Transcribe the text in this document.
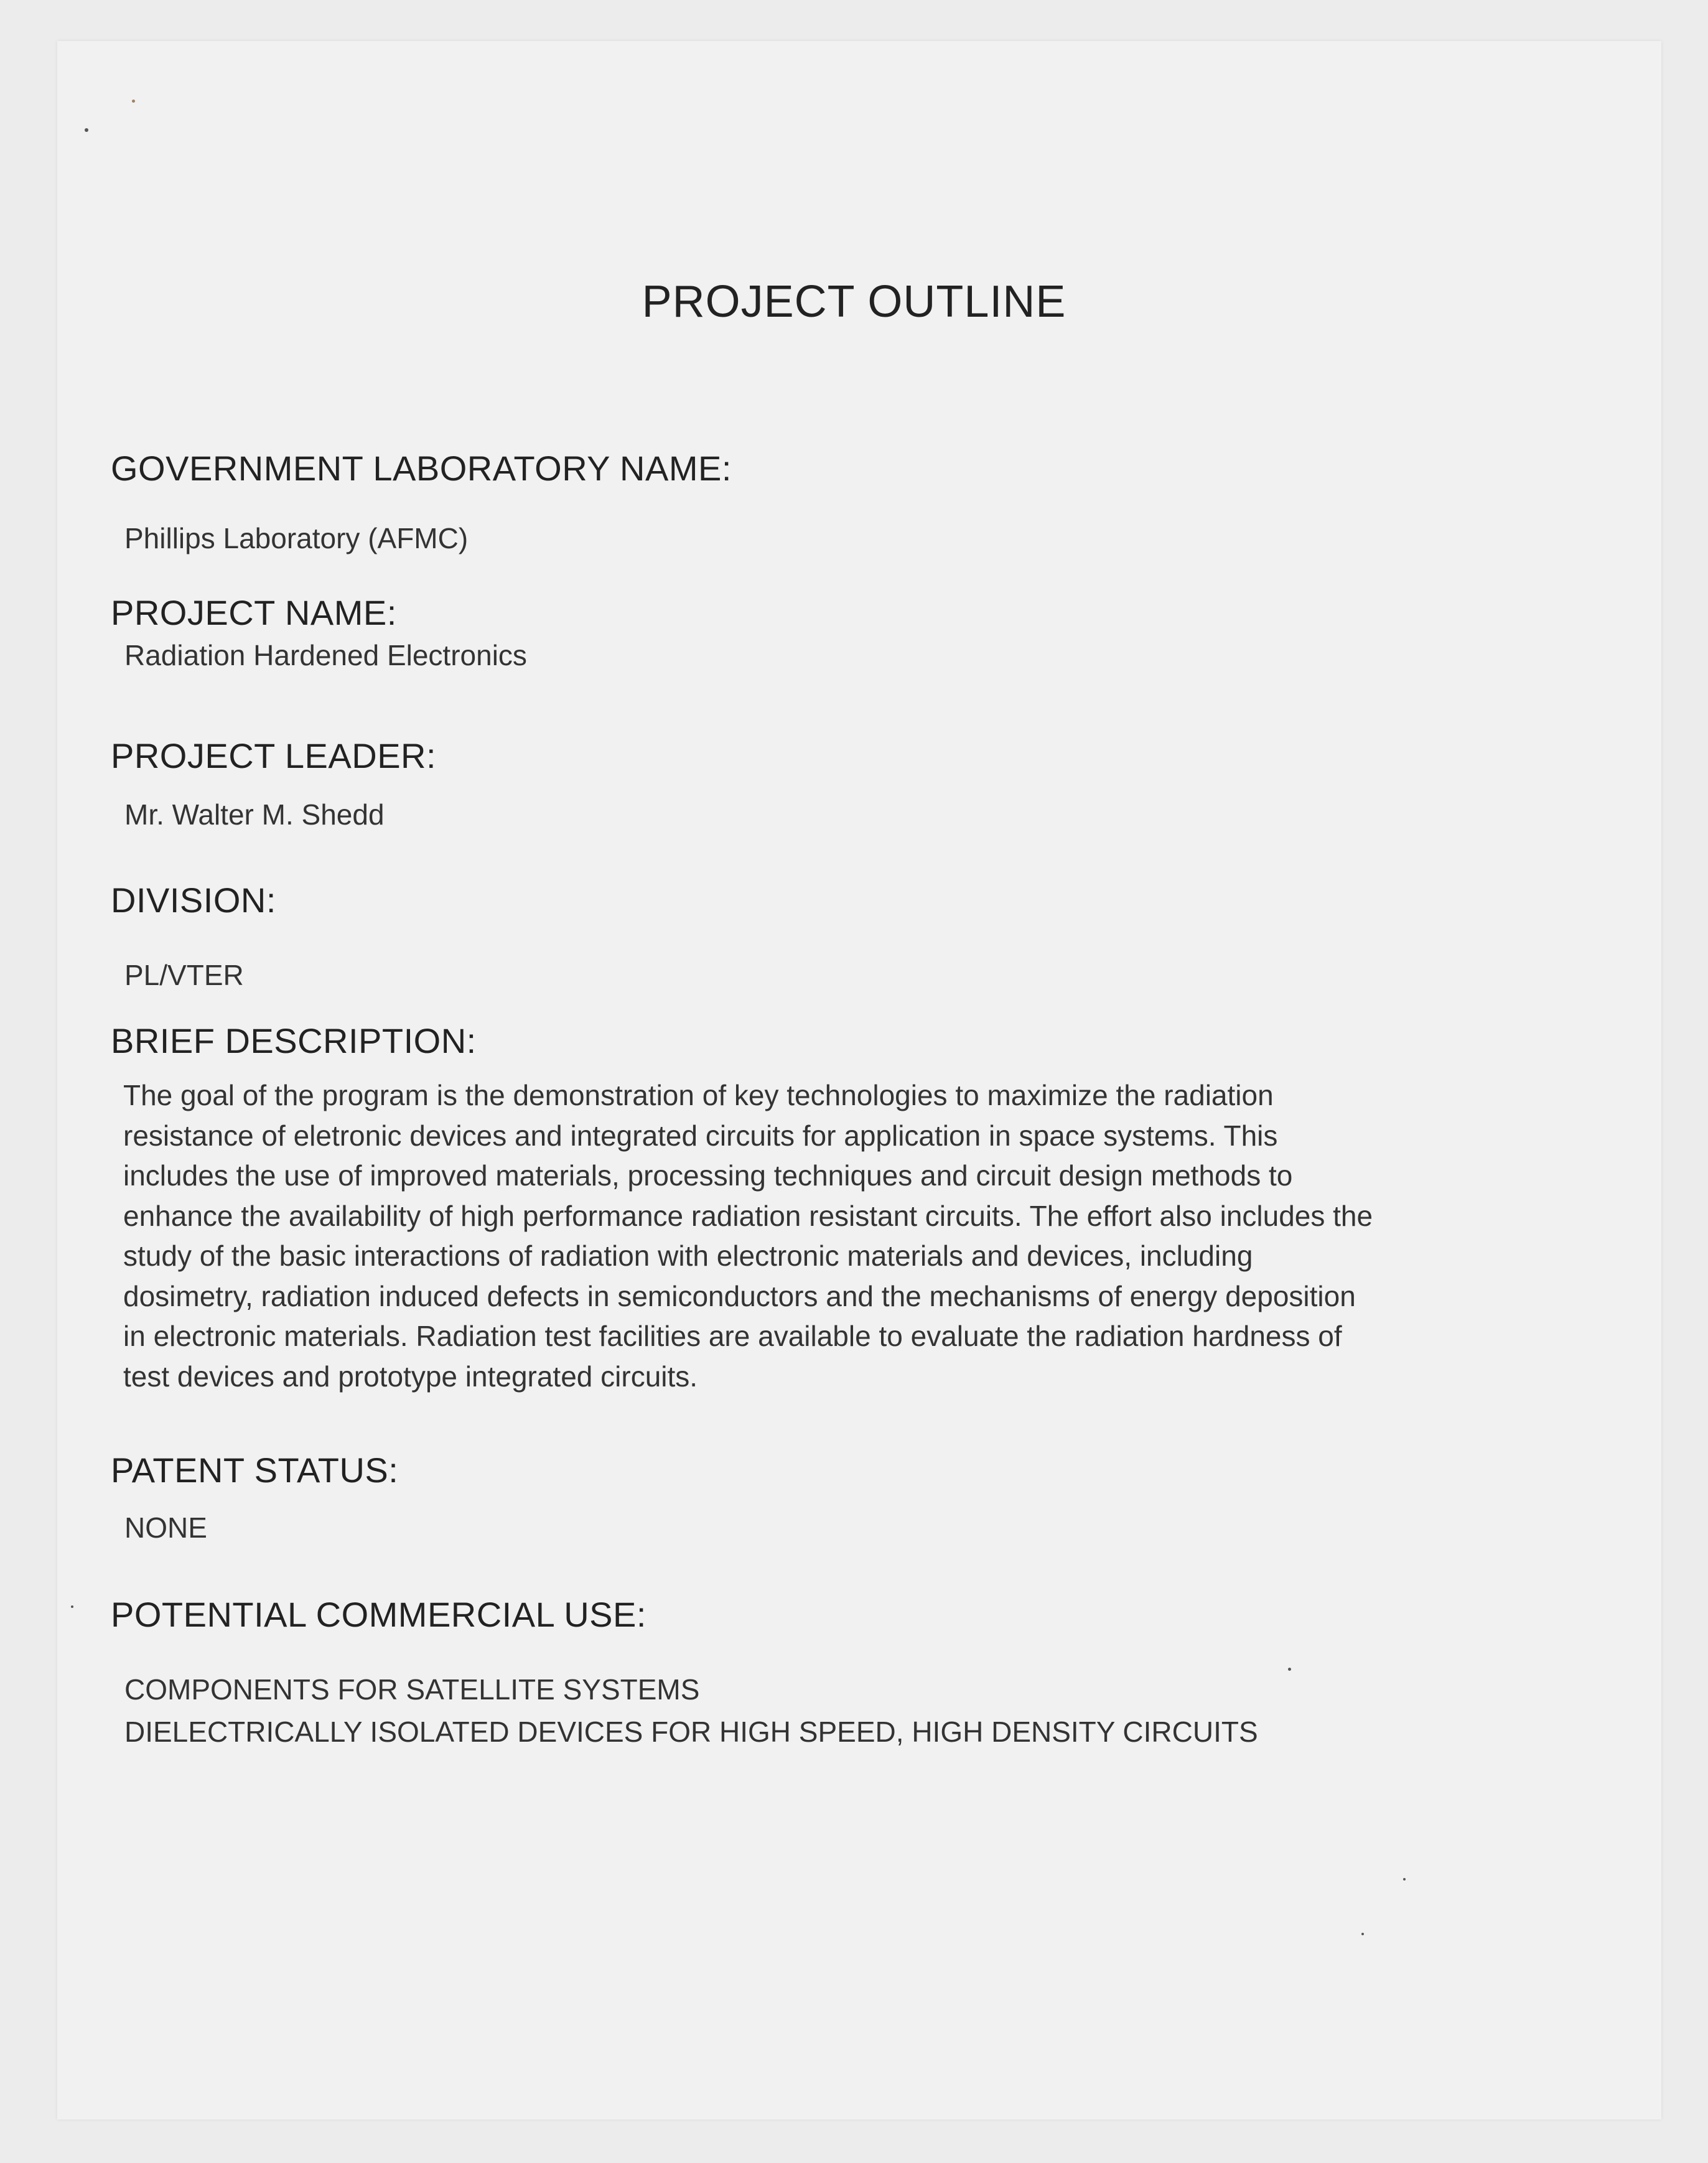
PROJECT OUTLINE
GOVERNMENT LABORATORY NAME:
Phillips Laboratory (AFMC)
PROJECT NAME:
Radiation Hardened Electronics
PROJECT LEADER:
Mr. Walter M. Shedd
DIVISION:
PL/VTER
BRIEF DESCRIPTION:
The goal of the program is the demonstration of key technologies to maximize the radiation
resistance of eletronic devices and integrated circuits for application in space systems. This
includes the use of improved materials, processing techniques and circuit design methods to
enhance the availability of high performance radiation resistant circuits. The effort also includes the
study of the basic interactions of radiation with electronic materials and devices, including
dosimetry, radiation induced defects in semiconductors and the mechanisms of energy deposition
in electronic materials. Radiation test facilities are available to evaluate the radiation hardness of
test devices and prototype integrated circuits.
PATENT STATUS:
NONE
POTENTIAL COMMERCIAL USE:
COMPONENTS FOR SATELLITE SYSTEMS
DIELECTRICALLY ISOLATED DEVICES FOR HIGH SPEED, HIGH DENSITY CIRCUITS
